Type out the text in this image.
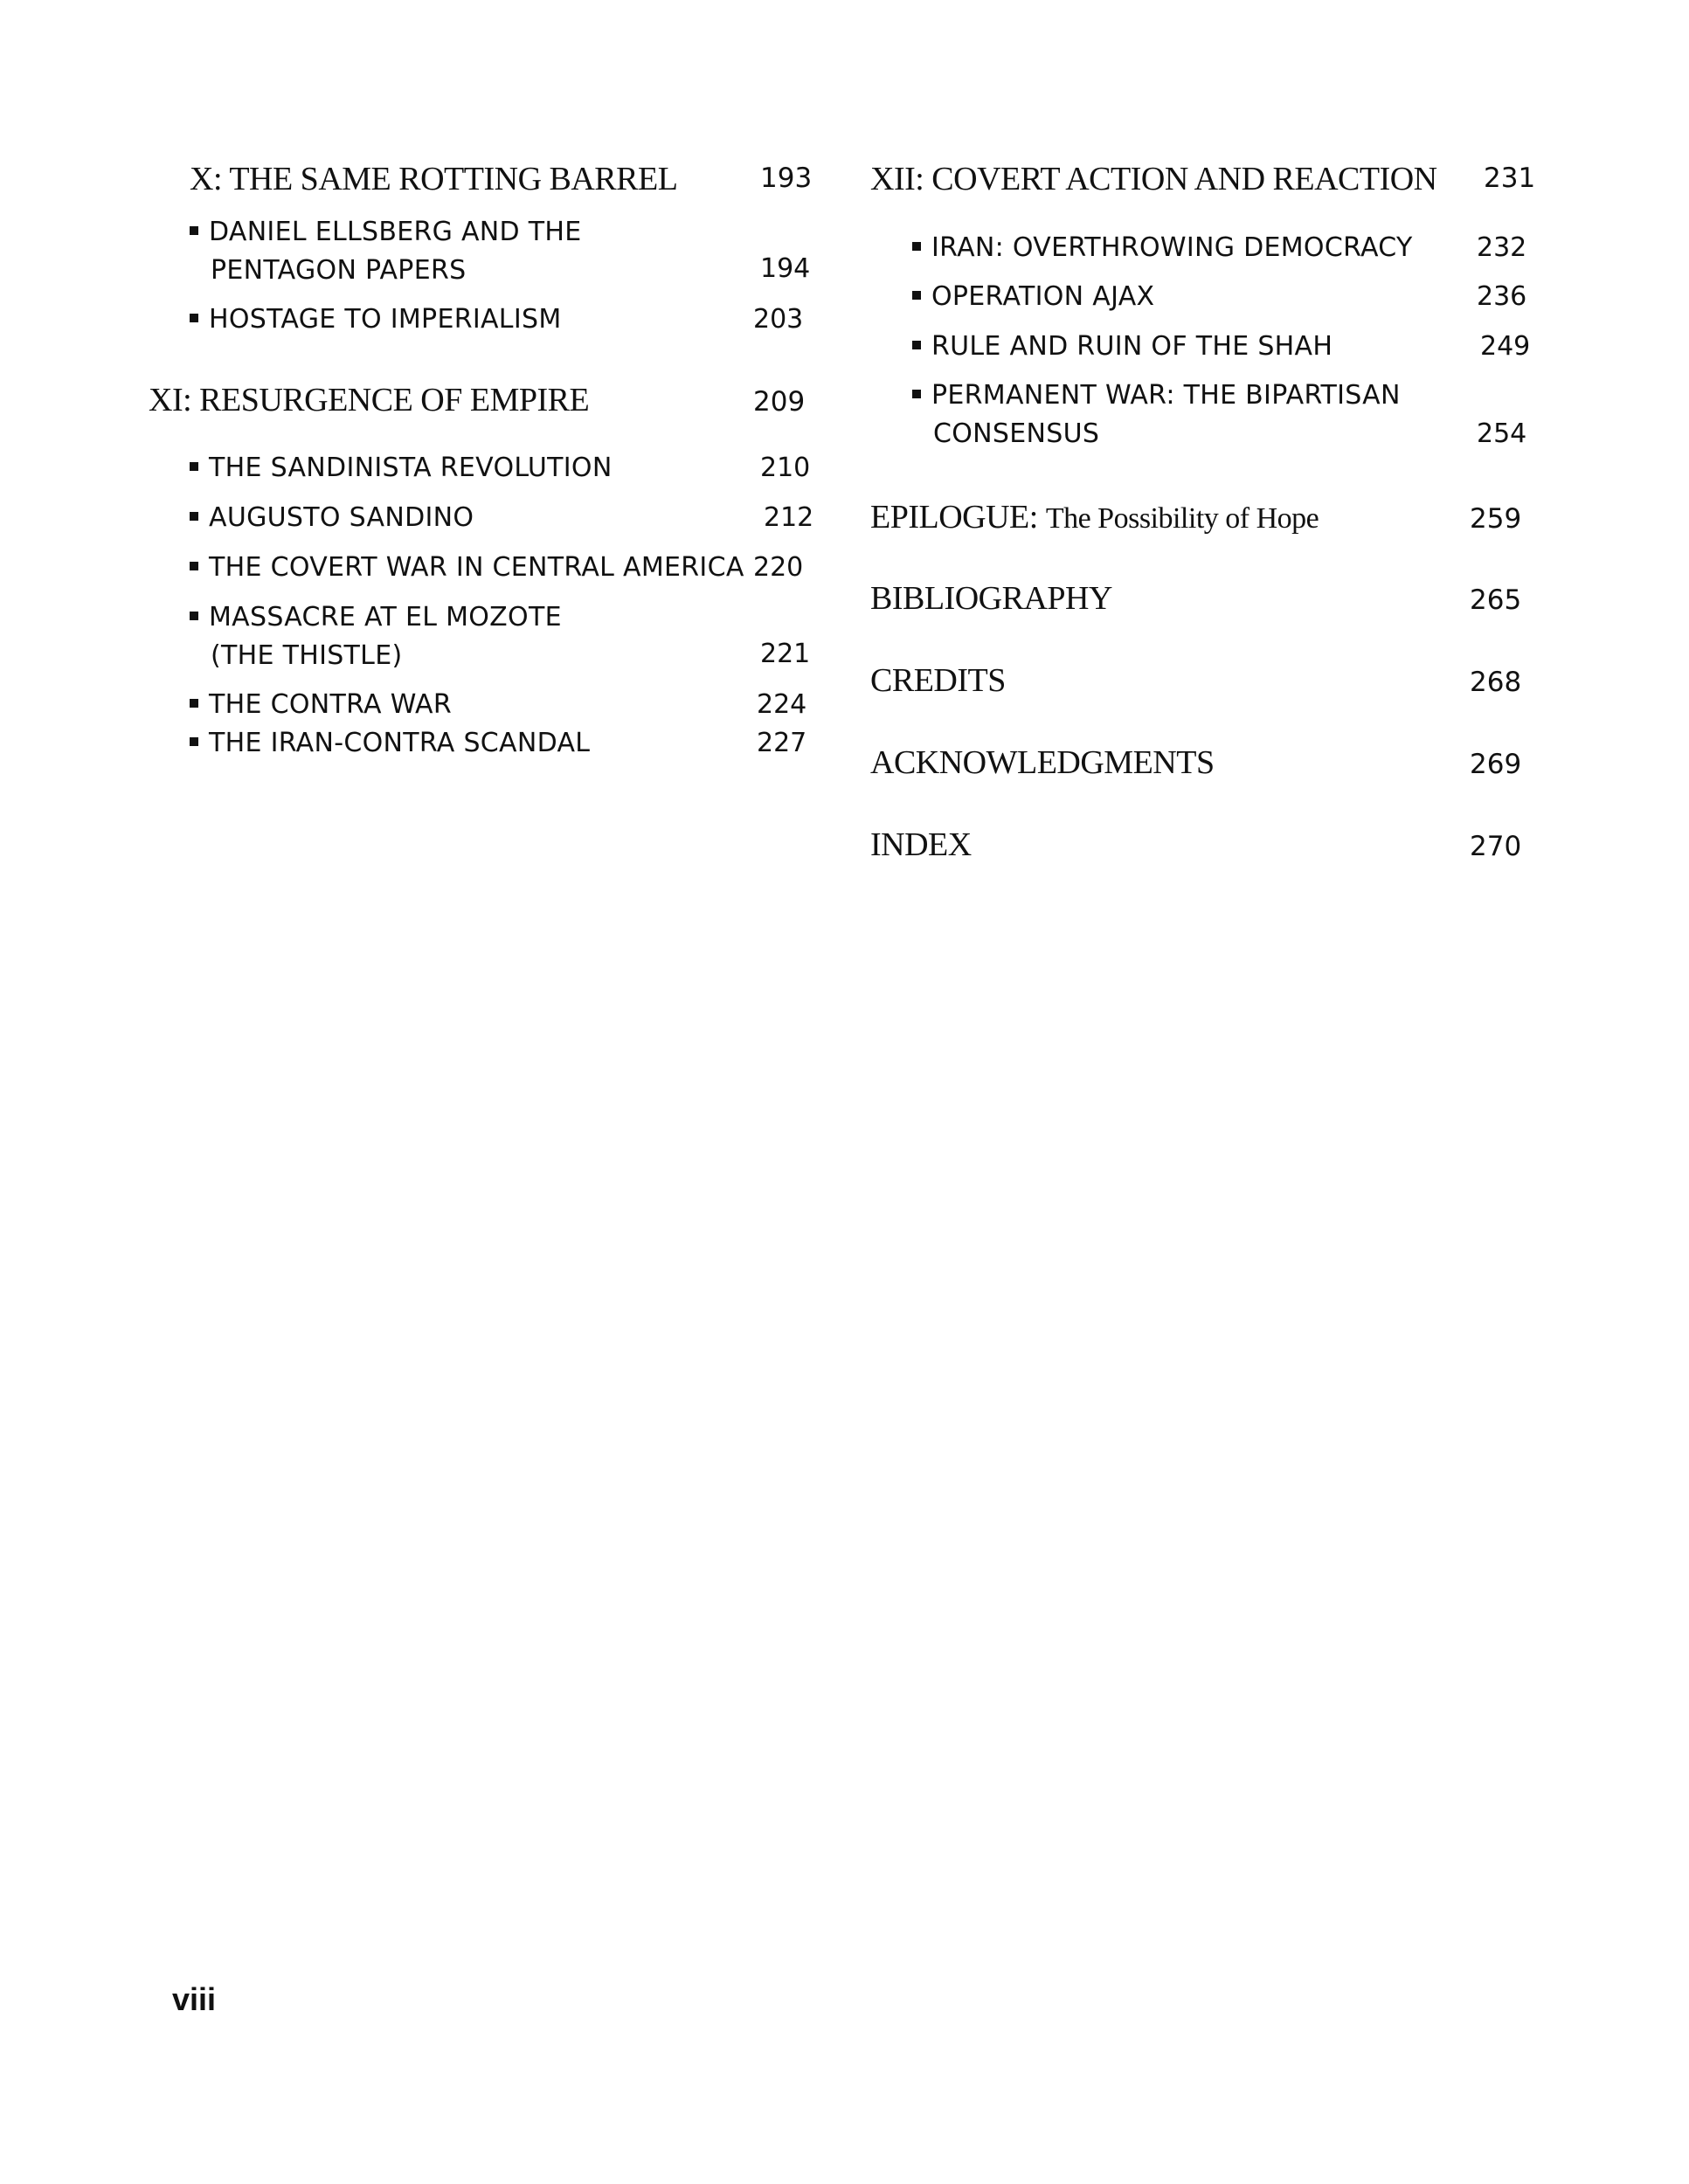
X: THE SAME ROTTING BARREL	193
DANIEL ELLSBERG AND THE
PENTAGON PAPERS	194
HOSTAGE TO IMPERIALISM	203
XI: RESURGENCE OF EMPIRE	209
THE SANDINISTA REVOLUTION	210
AUGUSTO SANDINO	212
THE COVERT WAR IN CENTRAL AMERICA 220
MASSACRE AT EL MOZOTE
(THE THISTLE)	221
THE CONTRA WAR	224
THE IRAN-CONTRA SCANDAL	227
XII: COVERT ACTION AND REACTION 231
IRAN: OVERTHROWING DEMOCRACY 232
OPERATION AJAX	236
RULE AND RUIN OF THE SHAH	249
PERMANENT WAR: THE BIPARTISAN
CONSENSUS	254
EPILOGUE: The Possibility of Hope	259
BIBLIOGRAPHY	265
CREDITS	268
ACKNOWLEDGMENTS	269
INDEX	270
viii
